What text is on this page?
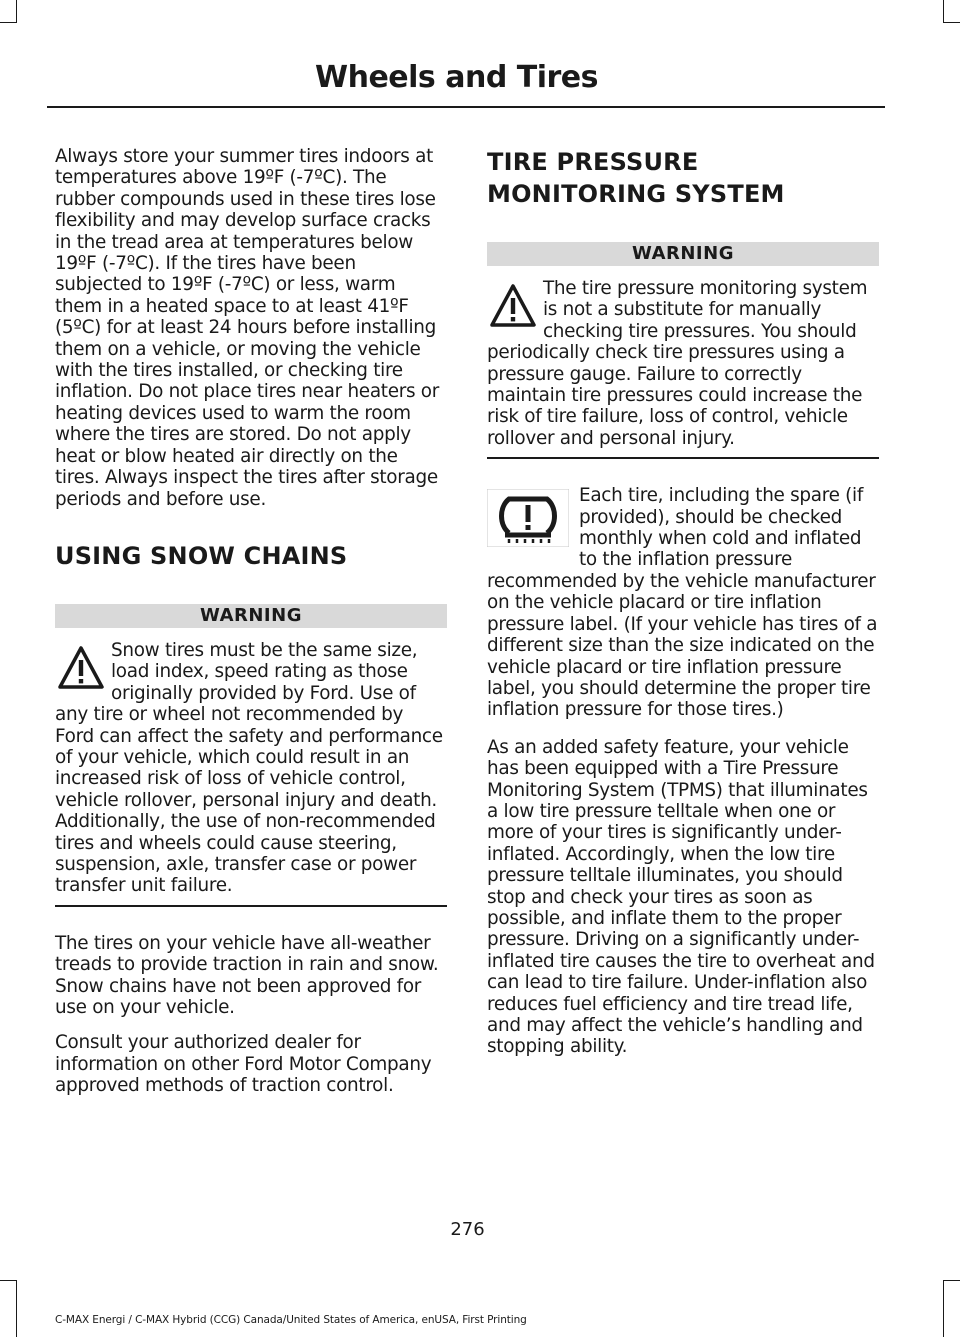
Wheels and Tires

Always store your summer tires indoors at temperatures above 19ºF (-7ºC). The rubber compounds used in these tires lose flexibility and may develop surface cracks in the tread area at temperatures below 19ºF (-7ºC). If the tires have been subjected to 19ºF (-7ºC) or less, warm them in a heated space to at least 41ºF (5ºC) for at least 24 hours before installing them on a vehicle, or moving the vehicle with the tires installed, or checking tire inflation. Do not place tires near heaters or heating devices used to warm the room where the tires are stored. Do not apply heat or blow heated air directly on the tires. Always inspect the tires after storage periods and before use.

USING SNOW CHAINS
WARNING
Snow tires must be the same size, load index, speed rating as those originally provided by Ford. Use of any tire or wheel not recommended by Ford can affect the safety and performance of your vehicle, which could result in an increased risk of loss of vehicle control, vehicle rollover, personal injury and death. Additionally, the use of non-recommended tires and wheels could cause steering, suspension, axle, transfer case or power transfer unit failure.

The tires on your vehicle have all-weather treads to provide traction in rain and snow. Snow chains have not been approved for use on your vehicle.

Consult your authorized dealer for information on other Ford Motor Company approved methods of traction control.

TIRE PRESSURE MONITORING SYSTEM
WARNING
The tire pressure monitoring system is not a substitute for manually checking tire pressures. You should periodically check tire pressures using a pressure gauge. Failure to correctly maintain tire pressures could increase the risk of tire failure, loss of control, vehicle rollover and personal injury.
Each tire, including the spare (if provided), should be checked monthly when cold and inflated to the inflation pressure recommended by the vehicle manufacturer on the vehicle placard or tire inflation pressure label. (If your vehicle has tires of a different size than the size indicated on the vehicle placard or tire inflation pressure label, you should determine the proper tire inflation pressure for those tires.)

As an added safety feature, your vehicle has been equipped with a Tire Pressure Monitoring System (TPMS) that illuminates a low tire pressure telltale when one or more of your tires is significantly under-inflated. Accordingly, when the low tire pressure telltale illuminates, you should stop and check your tires as soon as possible, and inflate them to the proper pressure. Driving on a significantly under-inflated tire causes the tire to overheat and can lead to tire failure. Under-inflation also reduces fuel efficiency and tire tread life, and may affect the vehicle’s handling and stopping ability.

276
C-MAX Energi / C-MAX Hybrid (CCG) Canada/United States of America, enUSA, First Printing
